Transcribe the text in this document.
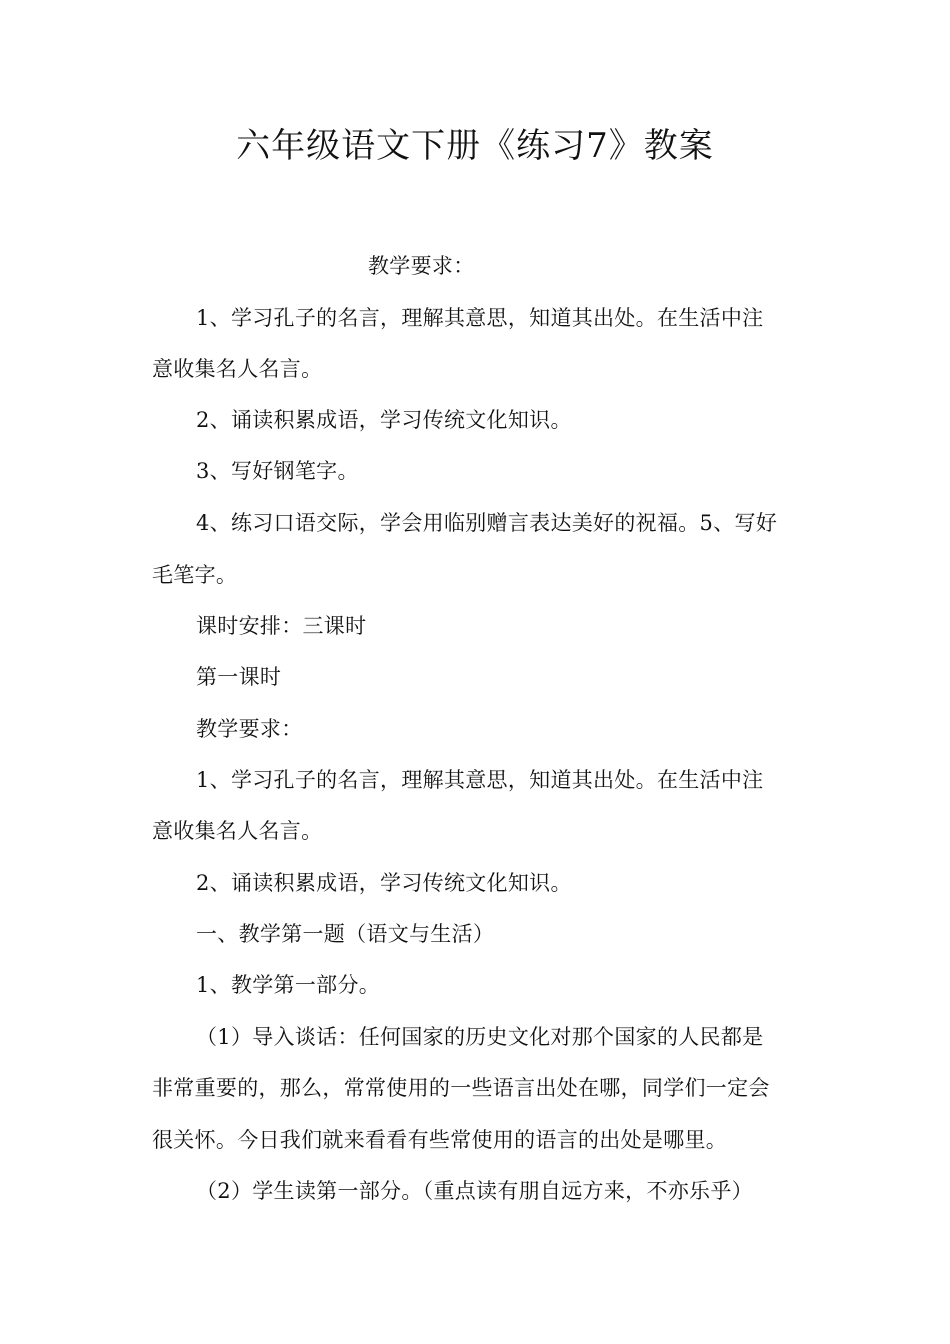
六年级语文下册《练习7》教案
教学要求：
1、学习孔子的名言，理解其意思，知道其出处。在生活中注
意收集名人名言。
2、诵读积累成语，学习传统文化知识。
3、写好钢笔字。
4、练习口语交际，学会用临别赠言表达美好的祝福。5、写好
毛笔字。
课时安排：三课时
第一课时
教学要求：
1、学习孔子的名言，理解其意思，知道其出处。在生活中注
意收集名人名言。
2、诵读积累成语，学习传统文化知识。
一、教学第一题（语文与生活）
1、教学第一部分。
（1）导入谈话：任何国家的历史文化对那个国家的人民都是
非常重要的，那么，常常使用的一些语言出处在哪，同学们一定会
很关怀。今日我们就来看看有些常使用的语言的出处是哪里。
（2）学生读第一部分。（重点读有朋自远方来，不亦乐乎）
